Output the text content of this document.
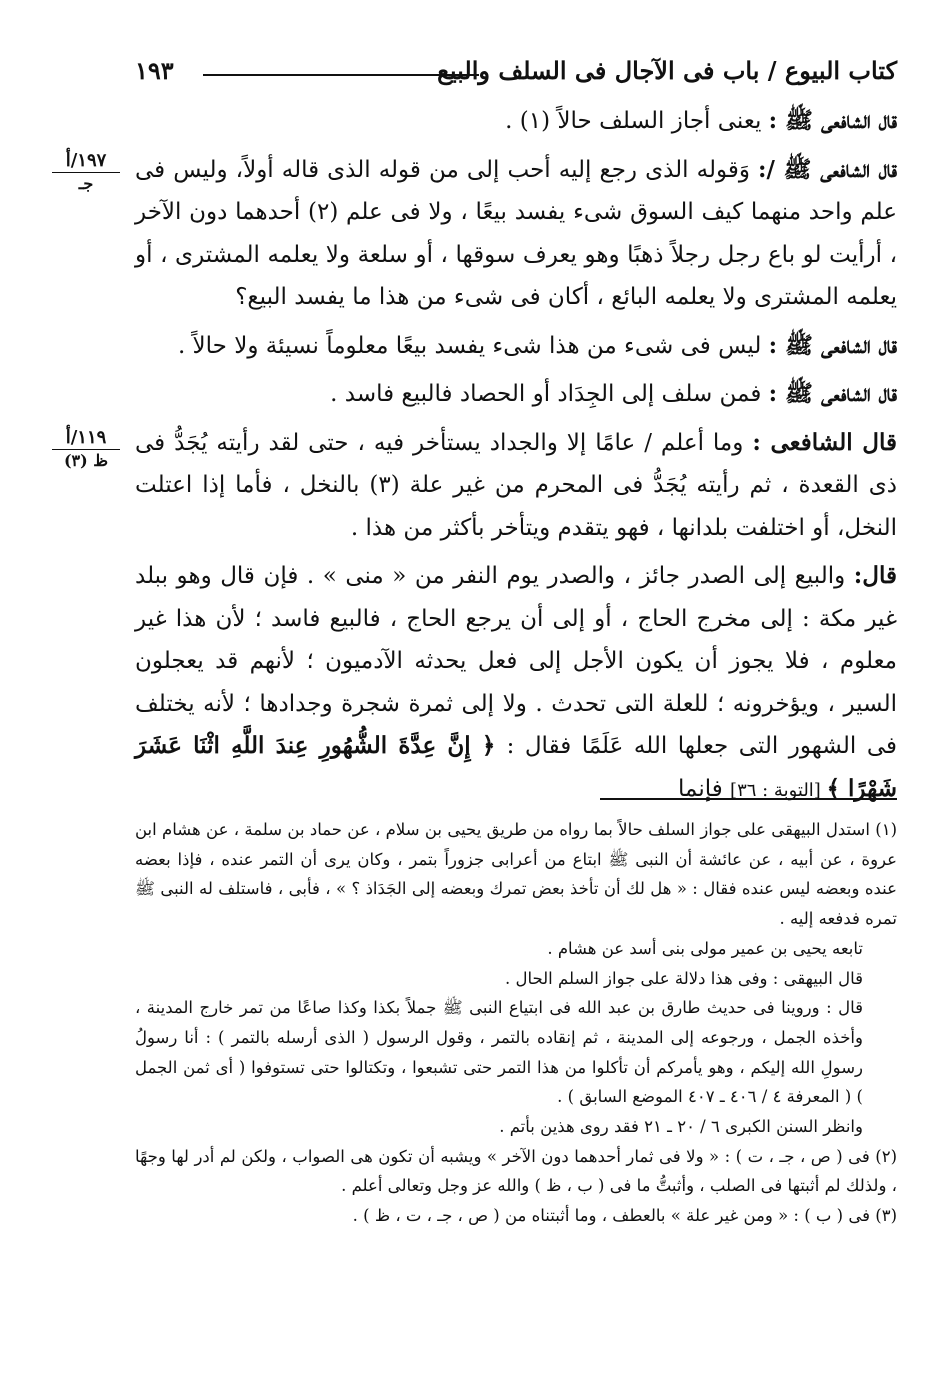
كتاب البيوع / باب فى الآجال فى السلف والبيع
١٩٣
١٩٧/أ
جـ
١١٩/أ
ظ (٣)

قال الشافعى ﷺ : يعنى أجاز السلف حالاً (١) .

قال الشافعى ﷺ /: وَقوله الذى رجع إليه أحب إلى من قوله الذى قاله أولاً، وليس فى علم واحد منهما كيف السوق شىء يفسد بيعًا ، ولا فى علم (٢) أحدهما دون الآخر ، أرأيت لو باع رجل رجلاً ذهبًا وهو يعرف سوقها ، أو سلعة ولا يعلمه المشترى ، أو يعلمه المشترى ولا يعلمه البائع ، أكان فى شىء من هذا ما يفسد البيع؟

قال الشافعى ﷺ : ليس فى شىء من هذا شىء يفسد بيعًا معلوماً نسيئة ولا حالاً .

قال الشافعى ﷺ : فمن سلف إلى الجِدَاد أو الحصاد فالبيع فاسد .

قال الشافعى : وما أعلم / عامًا إلا والجداد يستأخر فيه ، حتى لقد رأيته يُجَدُّ فى ذى القعدة ، ثم رأيته يُجَدُّ فى المحرم من غير علة (٣) بالنخل ، فأما إذا اعتلت النخل، أو اختلفت بلدانها ، فهو يتقدم ويتأخر بأكثر من هذا .

قال: والبيع إلى الصدر جائز ، والصدر يوم النفر من « منى » . فإن قال وهو ببلد غير مكة : إلى مخرج الحاج ، أو إلى أن يرجع الحاج ، فالبيع فاسد ؛ لأن هذا غير معلوم ، فلا يجوز أن يكون الأجل إلى فعل يحدثه الآدميون ؛ لأنهم قد يعجلون السير ، ويؤخرونه ؛ للعلة التى تحدث . ولا إلى ثمرة شجرة وجدادها ؛ لأنه يختلف فى الشهور التى جعلها الله عَلَمًا فقال : ﴿ إِنَّ عِدَّةَ الشُّهُورِ عِندَ اللَّهِ اثْنَا عَشَرَ شَهْرًا ﴾ [التوبة : ٣٦] فإنما

(١) استدل البيهقى على جواز السلف حالاً بما رواه من طريق يحيى بن سلام ، عن حماد بن سلمة ، عن هشام ابن عروة ، عن أبيه ، عن عائشة أن النبى ﷺ ابتاع من أعرابى جزوراً بتمر ، وكان يرى أن التمر عنده ، فإذا بعضه عنده وبعضه ليس عنده فقال : « هل لك أن تأخذ بعض تمرك وبعضه إلى الجَدَاذ ؟ » ، فأبى ، فاستلف له النبى ﷺ تمره فدفعه إليه .

تابعه يحيى بن عمير مولى بنى أسد عن هشام .

قال البيهقى : وفى هذا دلالة على جواز السلم الحال .

قال : وروينا فى حديث طارق بن عبد الله فى ابتياع النبى ﷺ جملاً بكذا وكذا صاعًا من تمر خارج المدينة ، وأخذه الجمل ، ورجوعه إلى المدينة ، ثم إنقاده بالتمر ، وقول الرسول ( الذى أرسله بالتمر ) : أنا رسولُ رسولِ الله إليكم ، وهو يأمركم أن تأكلوا من هذا التمر حتى تشبعوا ، وتكتالوا حتى تستوفوا ( أى ثمن الجمل ) ( المعرفة ٤ / ٤٠٦ ـ ٤٠٧ الموضع السابق ) .

وانظر السنن الكبرى ٦ / ٢٠ ـ ٢١ فقد روى هذين بأتم .

(٢) فى ( ص ، جـ ، ت ) : « ولا فى ثمار أحدهما دون الآخر » ويشبه أن تكون هى الصواب ، ولكن لم أدر لها وجهًا ، ولذلك لم أثبتها فى الصلب ، وأثبتُّ ما فى ( ب ، ظ ) والله عز وجل وتعالى أعلم .

(٣) فى ( ب ) : « ومن غير علة » بالعطف ، وما أثبتناه من ( ص ، جـ ، ت ، ظ ) .
